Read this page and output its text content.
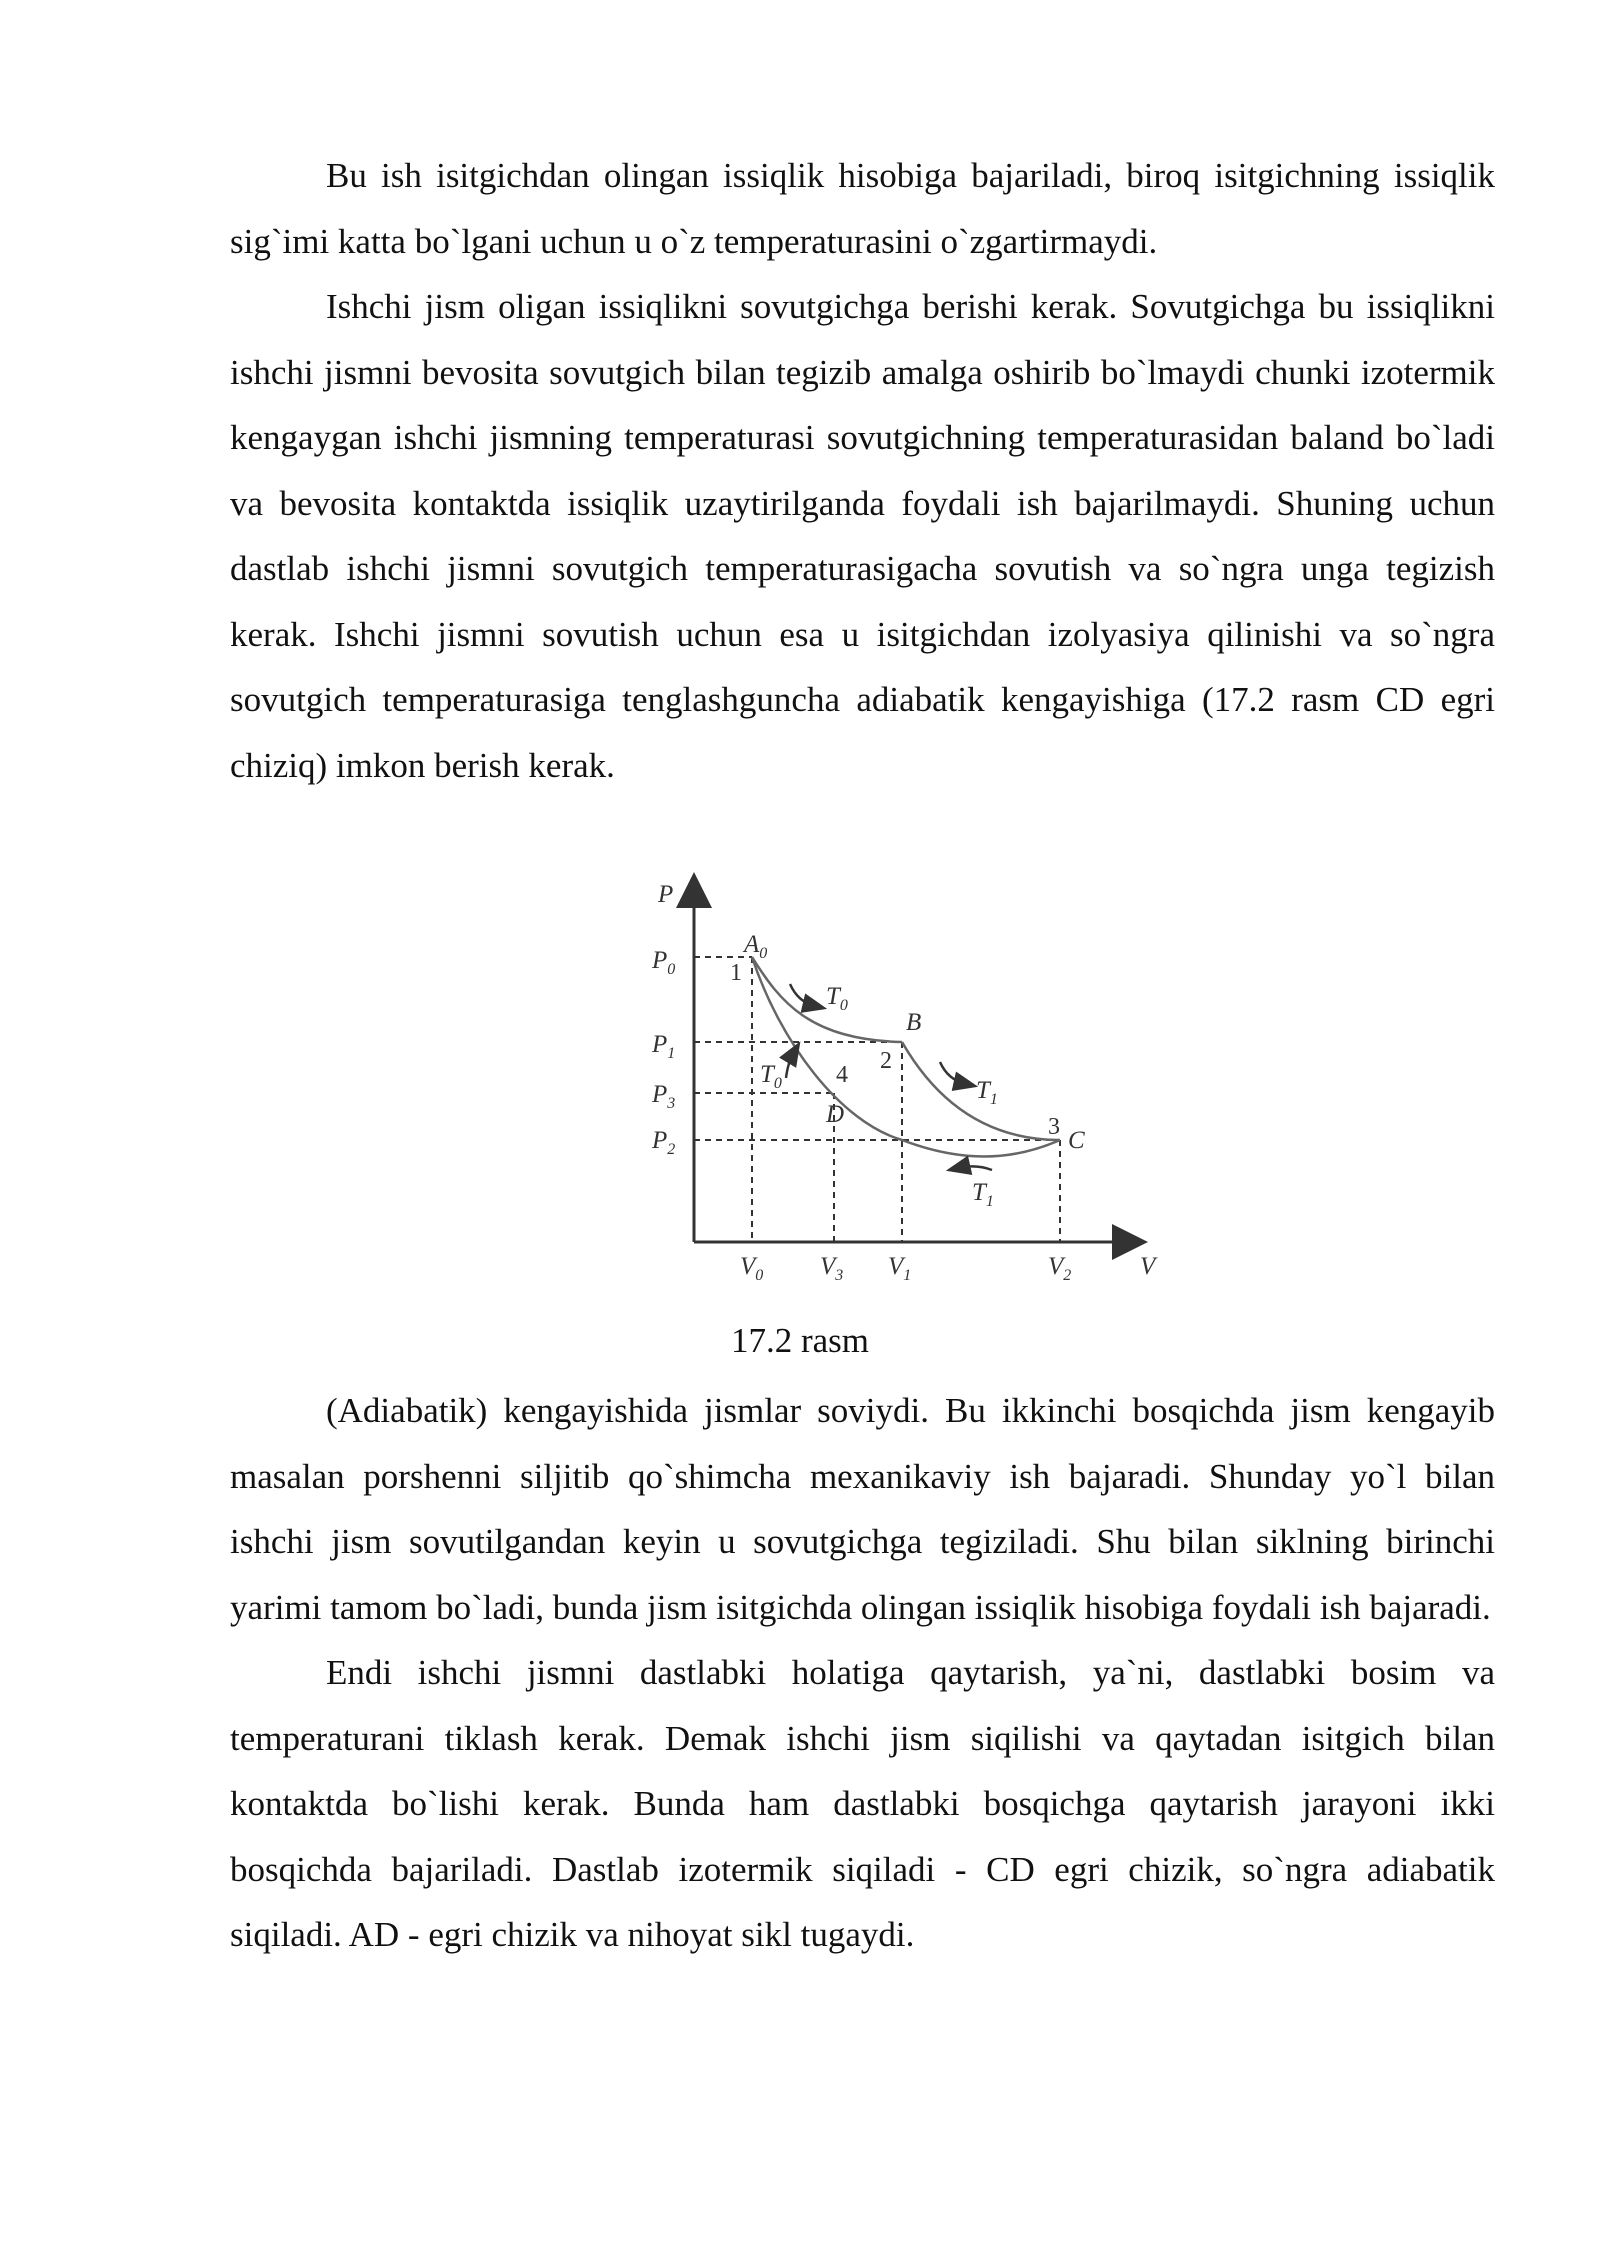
Bu ish isitgichdan olingan issiqlik hisobiga bajariladi, biroq isitgichning issiqlik sig`imi katta bo`lgani uchun u o`z temperaturasini o`zgartirmaydi.

Ishchi jism oligan issiqlikni sovutgichga berishi kerak. Sovutgichga bu issiqlikni ishchi jismni bevosita sovutgich bilan tegizib amalga oshirib bo`lmaydi chunki izotermik kengaygan ishchi jismning temperaturasi sovutgichning temperaturasidan baland bo`ladi va bevosita kontaktda issiqlik uzaytirilganda foydali ish bajarilmaydi. Shuning uchun dastlab ishchi jismni sovutgich temperaturasigacha sovutish va so`ngra unga tegizish kerak. Ishchi jismni sovutish uchun esa u isitgichdan izolyasiya qilinishi va so`ngra sovutgich temperaturasiga tenglashguncha adiabatik kengayishiga (17.2 rasm CD egri chiziq) imkon berish kerak.

P
V
$P_0$
$P_1$
$P_3$
$P_2$
$V_0$ $V_3$ $V_1$	$V_2$
$A_0$
B
C
D
1
2
3
4
$T_0$
$T_0$	$T_1$
$T_1$
17.2 rasm

(Adiabatik) kengayishida jismlar soviydi. Bu ikkinchi bosqichda jism kengayib masalan porshenni siljitib qo`shimcha mexanikaviy ish bajaradi. Shunday yo`l bilan ishchi jism sovutilgandan keyin u sovutgichga tegiziladi. Shu bilan siklning birinchi yarimi tamom bo`ladi, bunda jism isitgichda olingan issiqlik hisobiga foydali ish bajaradi.

Endi ishchi jismni dastlabki holatiga qaytarish, ya`ni, dastlabki bosim va temperaturani tiklash kerak. Demak ishchi jism siqilishi va qaytadan isitgich bilan kontaktda bo`lishi kerak. Bunda ham dastlabki bosqichga qaytarish jarayoni ikki bosqichda bajariladi. Dastlab izotermik siqiladi - CD egri chizik, so`ngra adiabatik siqiladi. AD - egri chizik va nihoyat sikl tugaydi.
